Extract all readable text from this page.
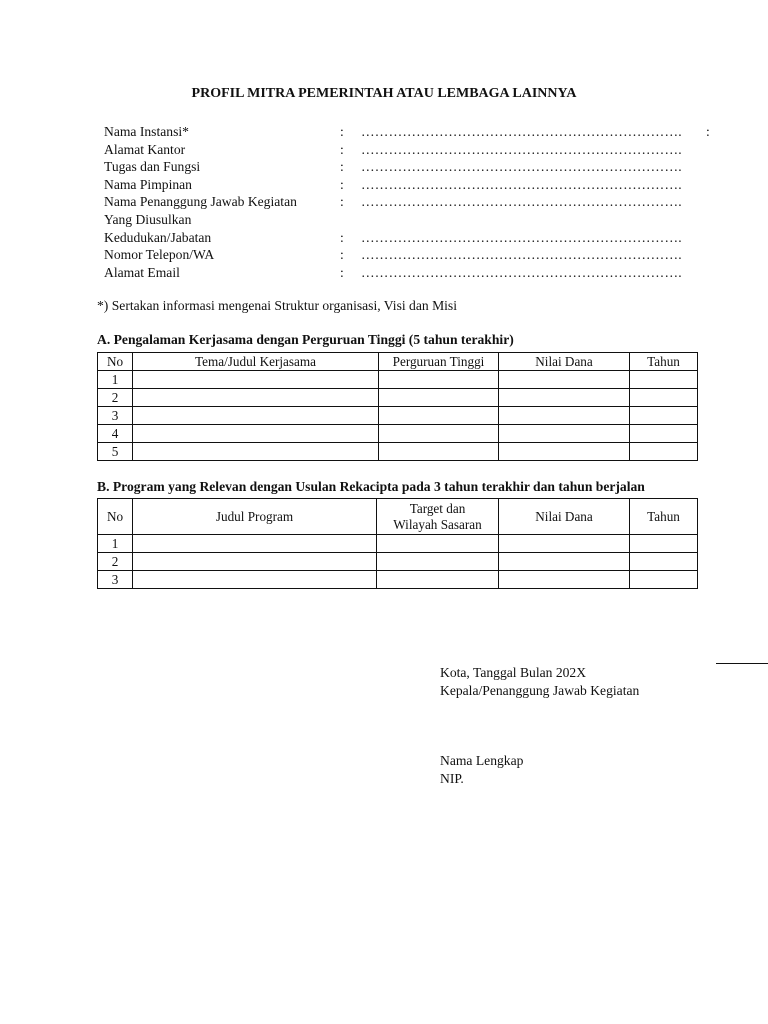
PROFIL MITRA PEMERINTAH ATAU LEMBAGA LAINNYA
Nama Instansi*	: …………………………………………………………….
Alamat Kantor	: …………………………………………………………….
Tugas dan Fungsi	: …………………………………………………………….
Nama Pimpinan	: …………………………………………………………….
Nama Penanggung Jawab Kegiatan	: …………………………………………………………….
Yang Diusulkan
Kedudukan/Jabatan	: …………………………………………………………….
Nomor Telepon/WA	: …………………………………………………………….
Alamat Email	: …………………………………………………………….
:
*) Sertakan informasi mengenai Struktur organisasi, Visi dan Misi
A. Pengalaman Kerjasama dengan Perguruan Tinggi (5 tahun terakhir)
No	Tema/Judul Kerjasama	Perguruan Tinggi	Nilai Dana	Tahun
1				
2				
3				
4				
5				
B. Program yang Relevan dengan Usulan Rekacipta pada 3 tahun terakhir dan tahun berjalan
No	Judul Program	Target dan
Wilayah Sasaran	Nilai Dana	Tahun
1				
2				
3				
Kota, Tanggal Bulan 202X
Kepala/Penanggung Jawab Kegiatan
Nama Lengkap
NIP.
